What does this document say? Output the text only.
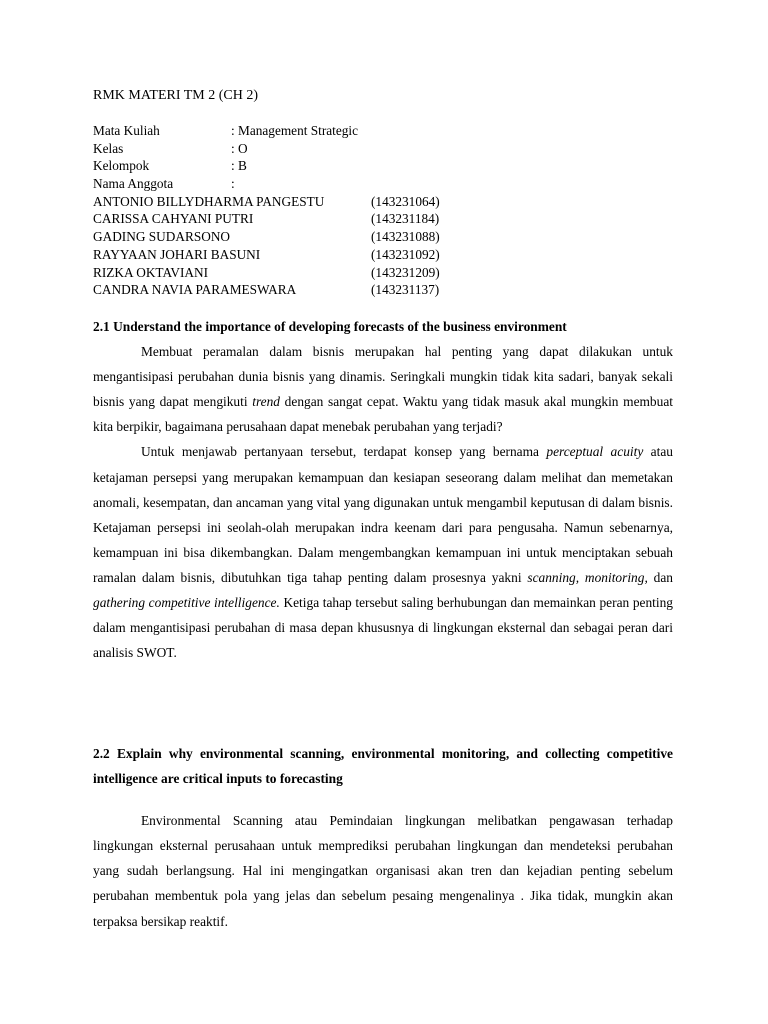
RMK MATERI TM 2 (CH 2)
Mata Kuliah	: Management Strategic
Kelas	: O
Kelompok	: B
Nama Anggota	:
ANTONIO BILLYDHARMA PANGESTU	(143231064)
CARISSA CAHYANI PUTRI	(143231184)
GADING SUDARSONO	(143231088)
RAYYAAN JOHARI BASUNI	(143231092)
RIZKA OKTAVIANI	(143231209)
CANDRA NAVIA PARAMESWARA	(143231137)

2.1 Understand the importance of developing forecasts of the business environment

Membuat peramalan dalam bisnis merupakan hal penting yang dapat dilakukan untuk mengantisipasi perubahan dunia bisnis yang dinamis. Seringkali mungkin tidak kita sadari, banyak sekali bisnis yang dapat mengikuti trend dengan sangat cepat. Waktu yang tidak masuk akal mungkin membuat kita berpikir, bagaimana perusahaan dapat menebak perubahan yang terjadi?

Untuk menjawab pertanyaan tersebut, terdapat konsep yang bernama perceptual acuity atau ketajaman persepsi yang merupakan kemampuan dan kesiapan seseorang dalam melihat dan memetakan anomali, kesempatan, dan ancaman yang vital yang digunakan untuk mengambil keputusan di dalam bisnis. Ketajaman persepsi ini seolah-olah merupakan indra keenam dari para pengusaha. Namun sebenarnya, kemampuan ini bisa dikembangkan. Dalam mengembangkan kemampuan ini untuk menciptakan sebuah ramalan dalam bisnis, dibutuhkan tiga tahap penting dalam prosesnya yakni scanning, monitoring, dan gathering competitive intelligence. Ketiga tahap tersebut saling berhubungan dan memainkan peran penting dalam mengantisipasi perubahan di masa depan khususnya di lingkungan eksternal dan sebagai peran dari analisis SWOT.

2.2 Explain why environmental scanning, environmental monitoring, and collecting competitive intelligence are critical inputs to forecasting

Environmental Scanning atau Pemindaian lingkungan melibatkan pengawasan terhadap lingkungan eksternal perusahaan untuk memprediksi perubahan lingkungan dan mendeteksi perubahan yang sudah berlangsung. Hal ini mengingatkan organisasi akan tren dan kejadian penting sebelum perubahan membentuk pola yang jelas dan sebelum pesaing mengenalinya . Jika tidak, mungkin akan terpaksa bersikap reaktif.
